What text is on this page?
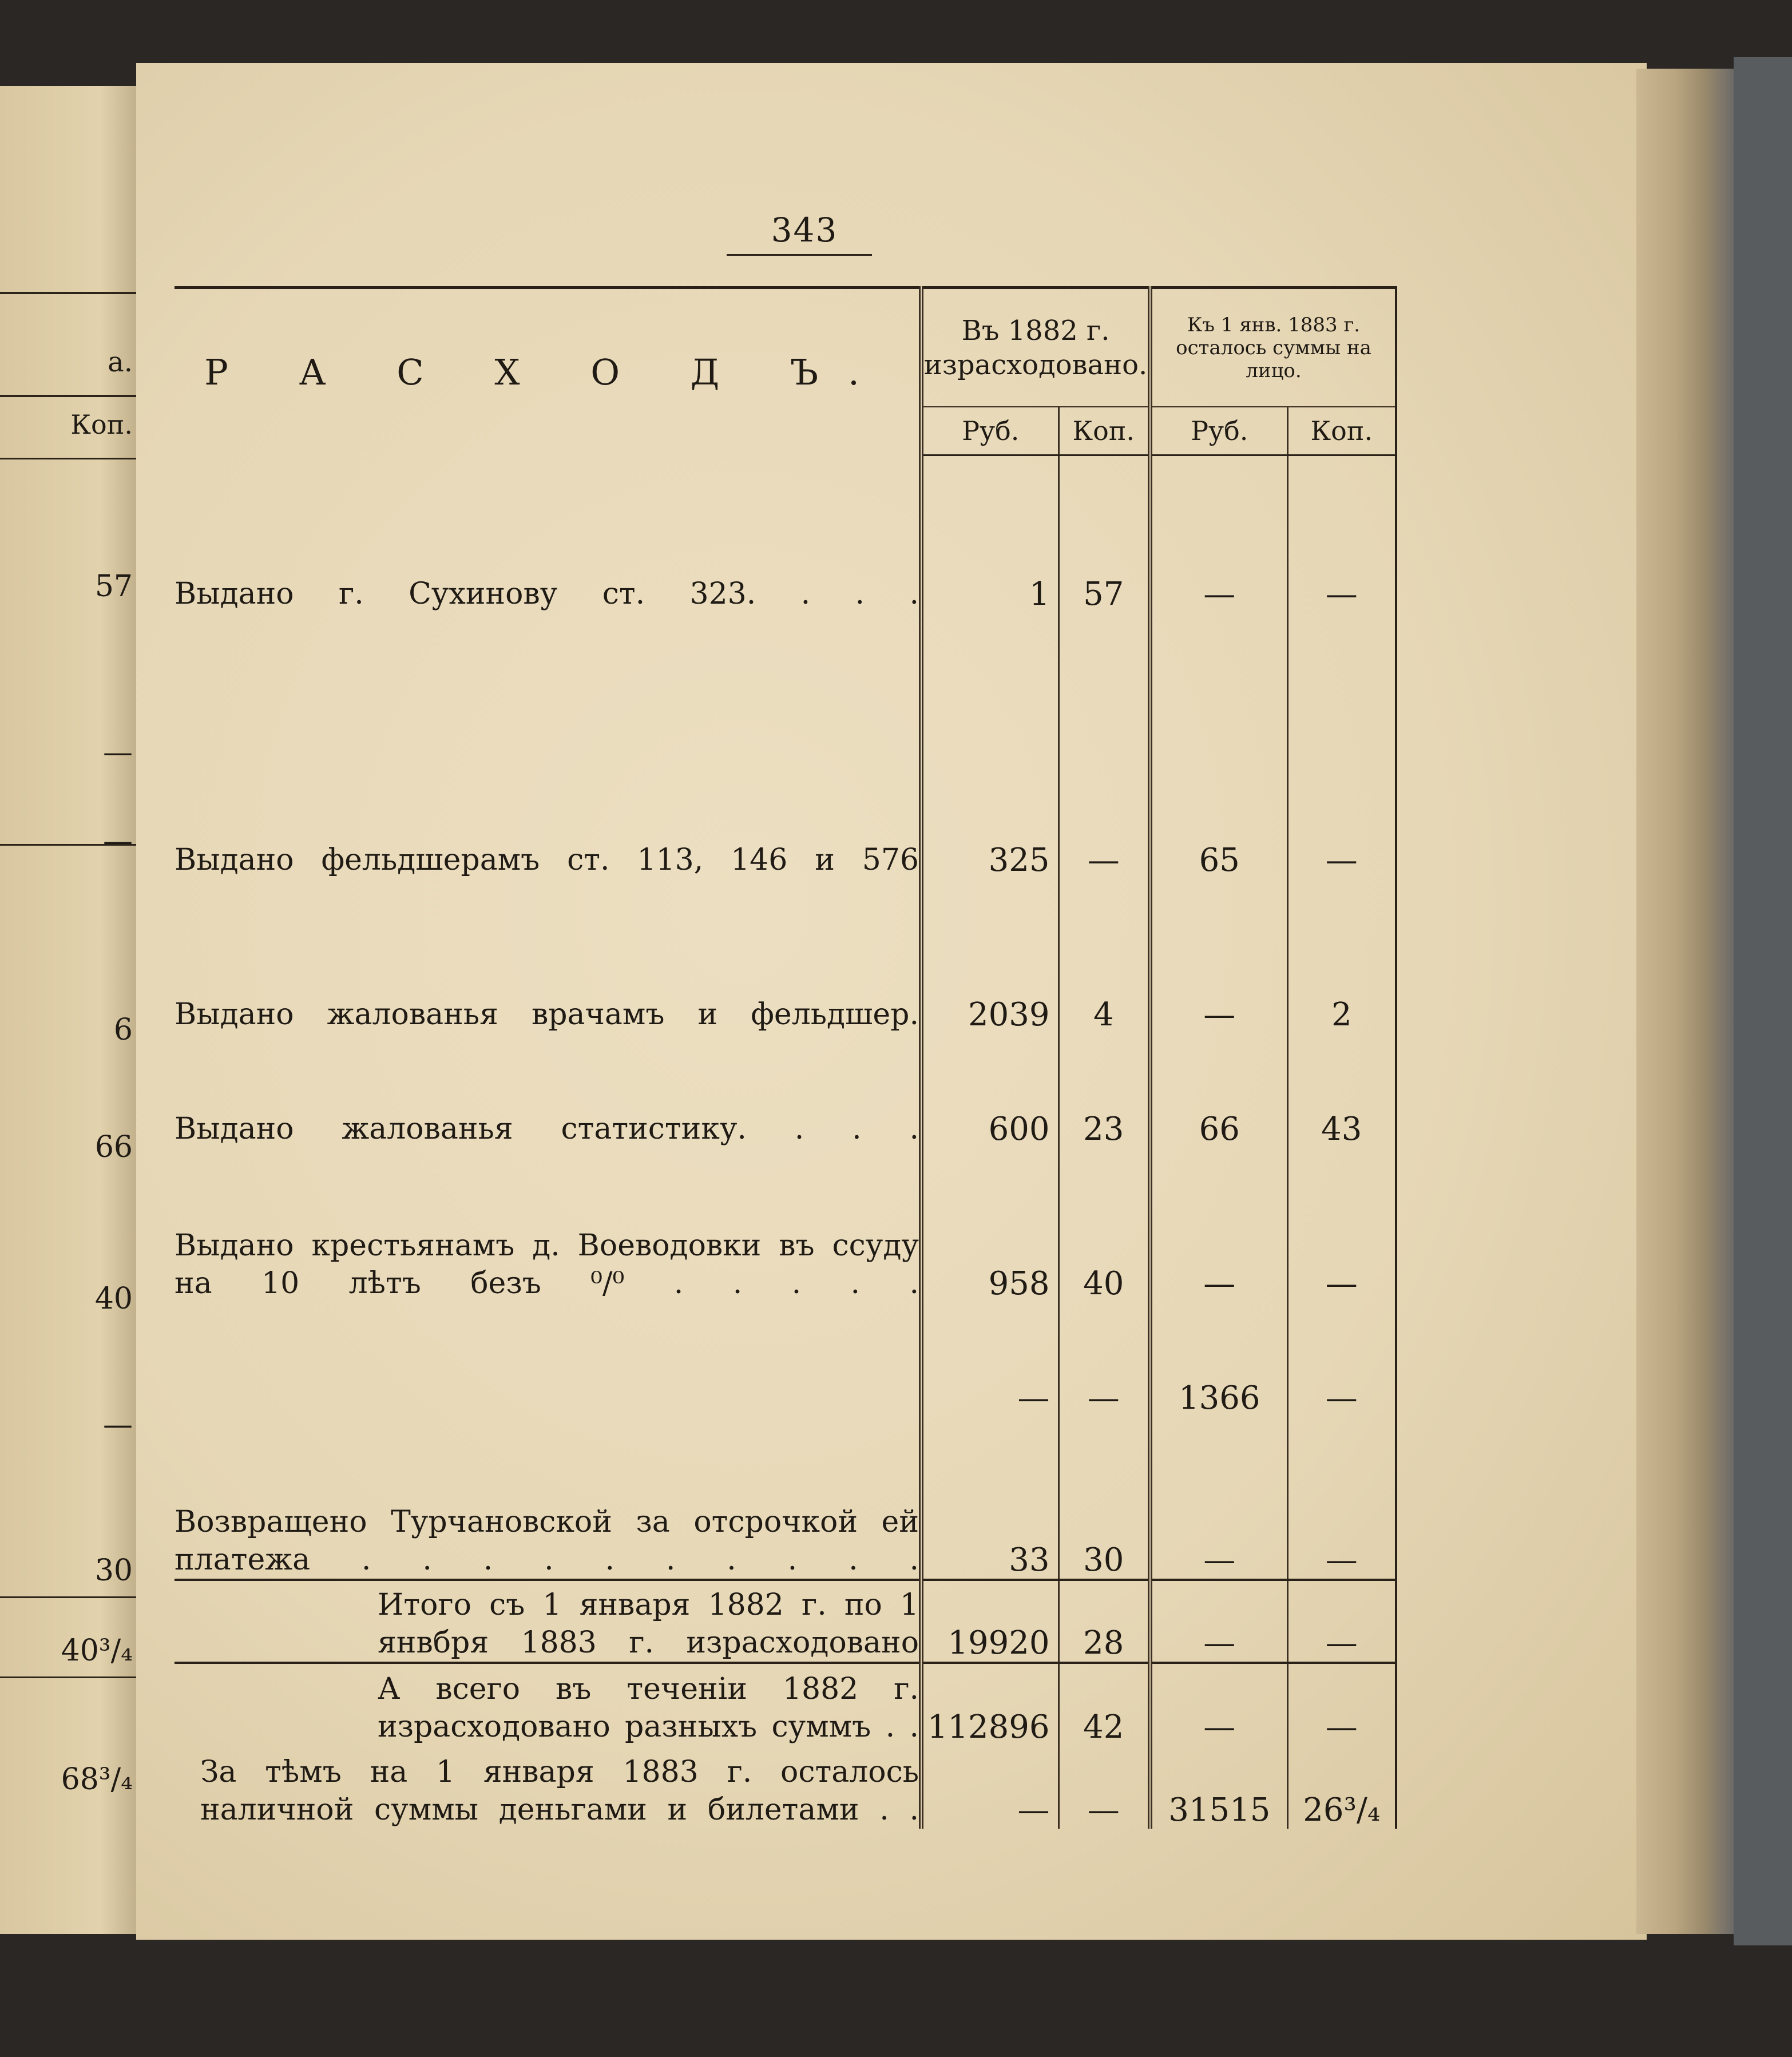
а.
Коп.
57
—
—
6
66
40
—
30
40³/₄
68³/₄
343
Р А С Х О Д Ъ.	Въ 1882 г. израсходовано.		Къ 1 янв. 1883 г. осталось суммы на лицо.	
	Руб.	Коп.	Руб.	Коп.
Выдано г. Сухинову ст. 323. . . .	1	57	—	—
Выдано фельдшерамъ ст. 113, 146 и 576	325	—	65	—
Выдано жалованья врачамъ и фельдшер.	2039	4	—	2
Выдано жалованья статистику. . . .	600	23	66	43
Выдано крестьянамъ д. Воеводовки въ ссуду на 10 лѣтъ безъ ⁰/⁰ . . . . .	958	40	—	—
	—	—	1366	—
Возвращено Турчановской за отсрочкой ей платежа . . . . . . . . . .	33	30	—	—
Итого съ 1 января 1882 г. по 1 янвбря 1883 г. израсходовано	19920	28	—	—
А всего въ теченіи 1882 г. израсходовано разныхъ суммъ . .	112896	42	—	—
За тѣмъ на 1 января 1883 г. осталось наличной суммы деньгами и билетами . .	—	—	31515	26³/₄
